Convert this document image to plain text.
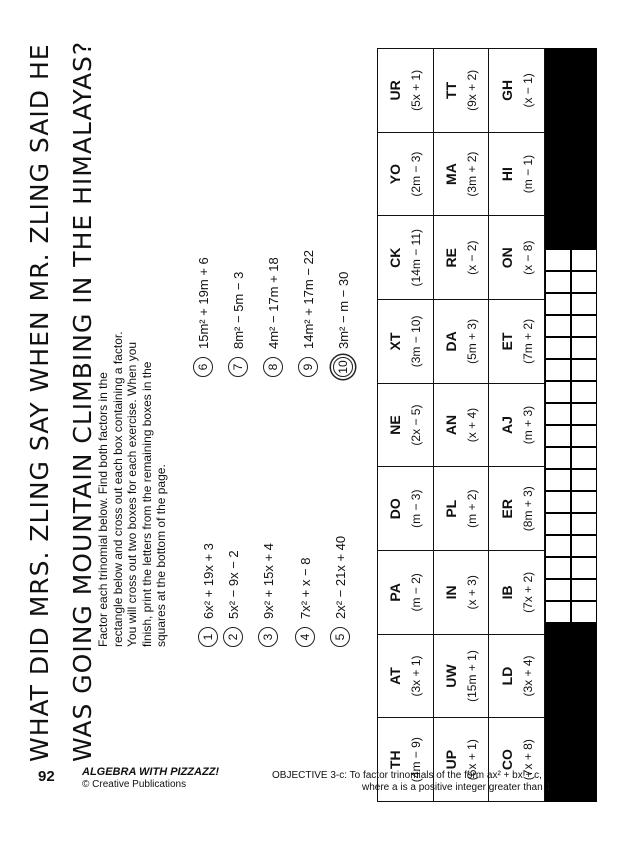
WHAT DID MRS. ZLING SAY WHEN MR. ZLING SAID HE WAS GOING MOUNTAIN CLIMBING IN THE HIMALAYAS? Factor each trinomial below. Find both factors in the rectangle below and cross out each box containing a factor. You will cross out two boxes for each exercise. When you finish, print the letters from the remaining boxes in the squares at the bottom of the page.	1
6x² + 19x + 3
2
5x² − 9x − 2
3
9x² + 15x + 4
4
7x² + x − 8
5
2x² − 21x + 40
6
15m² + 19m + 6
7
8m² − 5m − 3
8
4m² − 17m + 18
9
14m² + 17m − 22
10
3m² − m − 30
TH (4m − 9)	AT (3x + 1)	PA (m − 2)	DO (m − 3)	NE (2x − 5)	XT (3m − 10)	CK (14m − 11)	YO (2m − 3)	UR (5x + 1)

UP (6x + 1)	UW (15m + 1)	IN (x + 3)	PL (m + 2)	AN (x + 4)	DA (5m + 3)	RE (x − 2)	MA (3m + 2)	TT (9x + 2)

CO (7x + 8)	LD (3x + 4)	IB (7x + 2)	ER (8m + 3)	AJ (m + 3)	ET (7m + 2)	ON (x − 8)	HI (m − 1)	GH (x − 1)
92 ALGEBRA WITH PIZZAZZ!
© Creative Publications
OBJECTIVE 3-c: To factor trinomials of the form ax² + bx + c,
where a is a positive integer greater than 1
